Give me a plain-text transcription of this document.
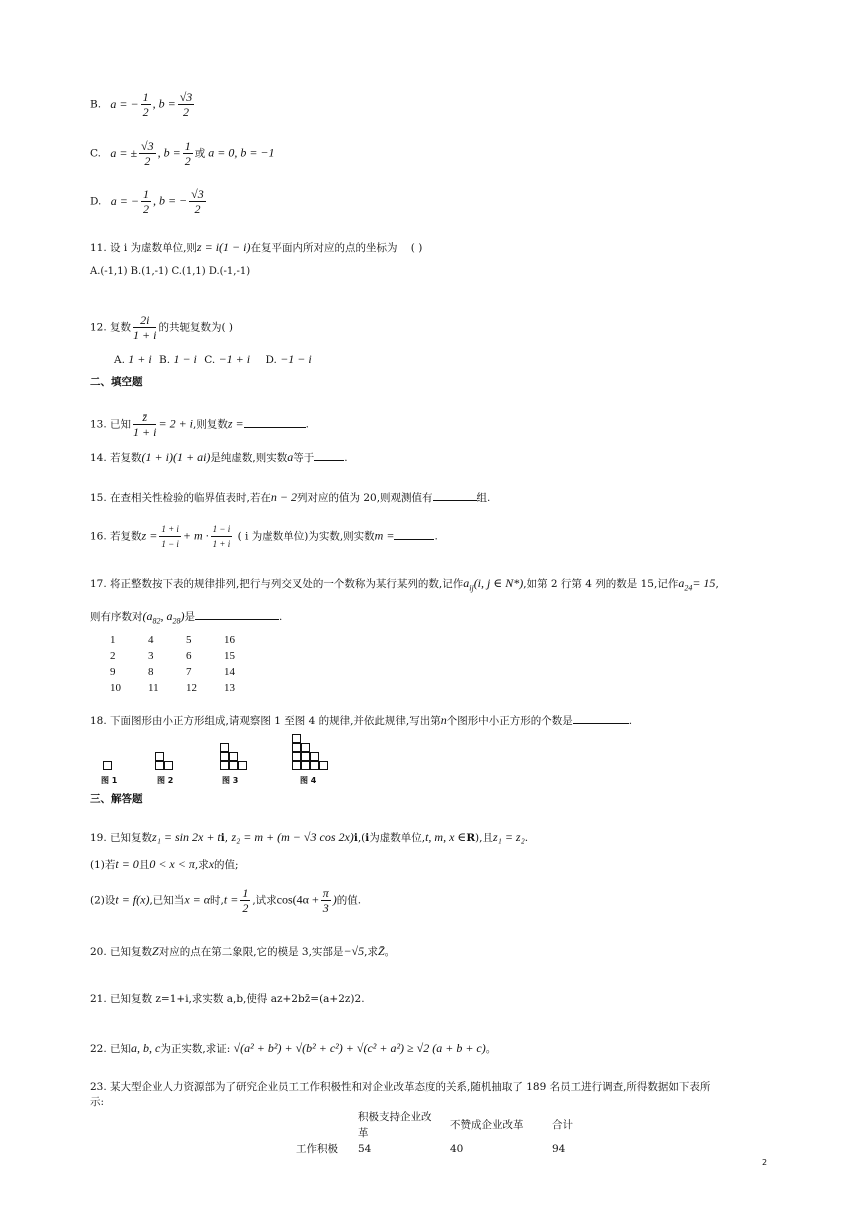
B. a = − $\frac{1}{2}$ , $b = \frac{√3}{2}$
C. a = ± $\frac{√3}{2}$ , $b = \frac{1}{2}$ 或 a = 0, b = −1
D. a = − $\frac{1}{2}$ , b = − $\frac{√3}{2}$
11. 设 i 为虚数单位,则z = i(1 − i)在复平面内所对应的点的坐标为 ( )
A.(-1,1) B.(1,-1) C.(1,1) D.(-1,-1)
12. 复数 $\frac{2i}{1 + i}$ 的共轭复数为( )
A. 1 + i B. 1 − i C. −1 + i D. −1 − i
二、填空题
13. 已知 $\frac{z̄}{1 + i} = 2 + i$,则复数z =	.
14. 若复数(1 + i)(1 + ai)是纯虚数,则实数a等于	.
15. 在查相关性检验的临界值表时,若在n − 2列对应的值为 20,则观测值有	组.
16. 若复数$z = \frac{1 + i}{1 - i} + m \cdot \frac{1 - i}{1 + i}$ ( i 为虚数单位)为实数,则实数m =	.
17. 将正整数按下表的规律排列,把行与列交叉处的一个数称为某行某列的数,记作$a_{ij}(i$, j ∈ N*),如第 2 行第 4 列的数是 15,记作$a_{24}= 15$,
则有序数对($a_{82}$, $a_{28}$)是	.
1	4	5	16
2	3	6	15
9	8	7	14
10	11	12	13
18. 下面图形由小正方形组成,请观察图 1 至图 4 的规律,并依此规律,写出第n个图形中小正方形的个数是	.
图 1	图 2	图 3	图 4
三、解答题
19. 已知复数z₁ = sin 2x + ti, z₂ = m + (m − √3 cos 2x)i,(i为虚数单位,t, m, x ∈R),且z₁ = z₂.
(1)若t = 0且0 < x < π,求x的值;
(2)设t = f(x),已知当x = α时$,t = \frac{1}{2}$ ,试求$\cos(4\alpha + \frac{\pi}{3}$ )的值.
20. 已知复数Z对应的点在第二象限,它的模是 3,实部是−√5,求Z̄。
21. 已知复数 z=1+i,求实数 a,b,使得 az+2bz̄=(a+2z)2.
22. 已知a, b, c为正实数,求证: √(a² + b²) + √(b² + c²) + √(c² + a²) ≥ √2 (a + b + c)。
23. 某大型企业人力资源部为了研究企业员工工作积极性和对企业改革态度的关系,随机抽取了 189 名员工进行调查,所得数据如下表所
示:
	积极支持企业改革	不赞成企业改革	合计
工作积极	54	40	94
2
